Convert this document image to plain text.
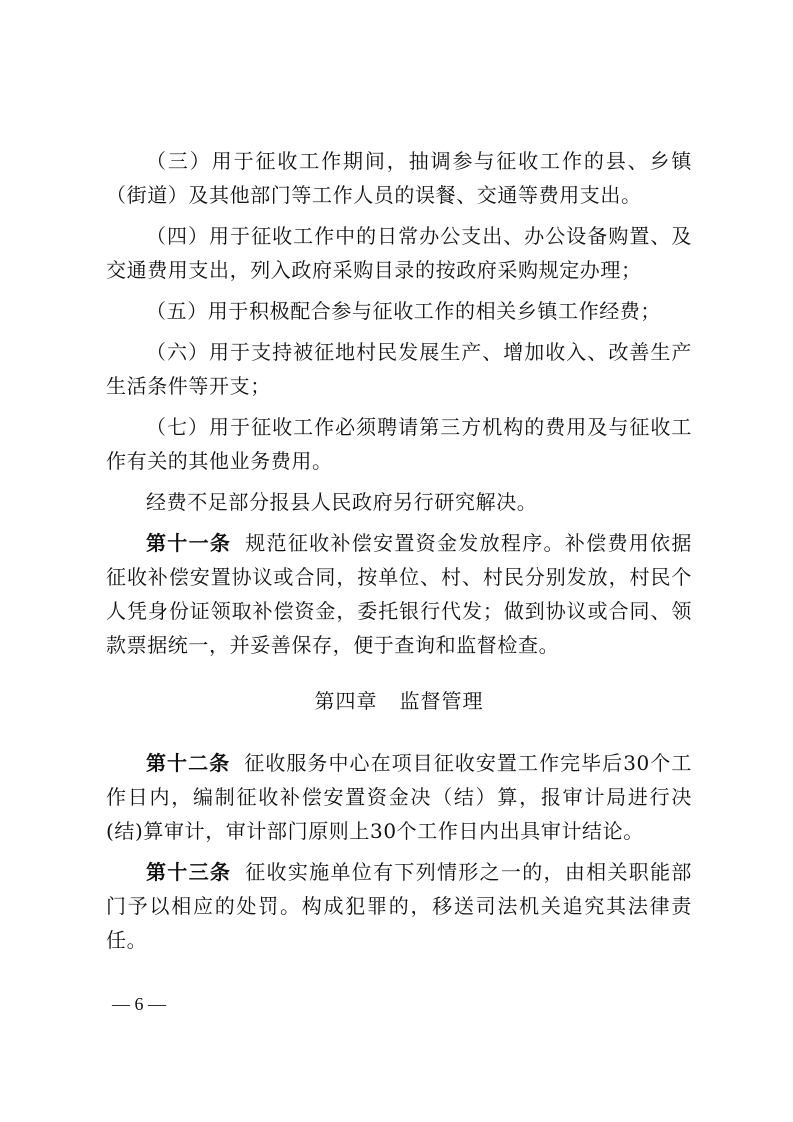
（三）用于征收工作期间，抽调参与征收工作的县、乡镇（街道）及其他部门等工作人员的误餐、交通等费用支出。

（四）用于征收工作中的日常办公支出、办公设备购置、及交通费用支出，列入政府采购目录的按政府采购规定办理；

（五）用于积极配合参与征收工作的相关乡镇工作经费；

（六）用于支持被征地村民发展生产、增加收入、改善生产生活条件等开支；

（七）用于征收工作必须聘请第三方机构的费用及与征收工作有关的其他业务费用。

经费不足部分报县人民政府另行研究解决。

第十一条 规范征收补偿安置资金发放程序。补偿费用依据征收补偿安置协议或合同，按单位、村、村民分别发放，村民个人凭身份证领取补偿资金，委托银行代发；做到协议或合同、领款票据统一，并妥善保存，便于查询和监督检查。

第四章 监督管理

第十二条 征收服务中心在项目征收安置工作完毕后30个工作日内，编制征收补偿安置资金决（结）算，报审计局进行决(结)算审计，审计部门原则上30个工作日内出具审计结论。

第十三条 征收实施单位有下列情形之一的，由相关职能部门予以相应的处罚。构成犯罪的，移送司法机关追究其法律责任。

— 6 —
